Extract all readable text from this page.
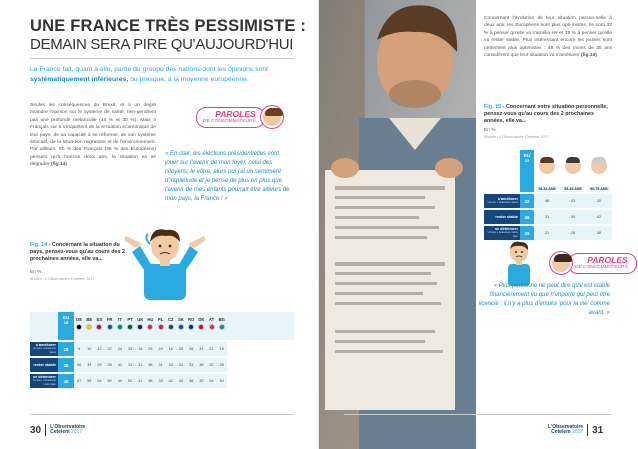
UNE FRANCE TRÈS PESSIMISTE :
DEMAIN SERA PIRE QU'AUJOURD'HUI
La France fait, quant à elle, partie du groupe des nations dont les opinions sont systématiquement inférieures, ou presque, à la moyenne européenne.
Seules les conséquences du Brexit, et à un degré moindre l'opinion sur le système de santé, rien-gendrent pas une profonde mélancolie (44 % et 30 %). Mais 4 Français sur 5 s'inquiètent de la si-tuation économique de leur pays, de sa capacité à se réformer, de son système éducatif, de la situa-tion migratoire et de l'environnement. Par ailleurs, 50 % des Français (45 % des Européens) pensent qu'à horizon deux ans, la situation va se dégrader (fig.14)
PAROLES
DE CONSOMMATEURS
« En clair, les élections présidentielles vont jouer sur l'avenir de mon foyer, celui des citoyens, le vôtre, alors oui j'ai un sentiment d'inquiétude et je pense de plus en plus que l'avenir de mes enfants pourrait être ailleurs de mon pays, la France ! »
Fig. 14 - Concernant la situation du pays, pensez-vous qu'au cours des 2 prochaines années, elle va...
En %
Source : L'Observatoire Cetelem 2017
EU
15
DE	BE	ES	FR	IT	PT	UK HU	PL	CZ	SK RO DK	AT	BG
s'améliorer
Un peu + beaucoup mieux
19	9	10	12	22	24	33	18	28	24	16	25	28	31	21	18
rester stable	35	40	33	29	28	41	31	31	38	31	33	31	33	38	32	28
se détériorer
Un peu + beaucoup moins bien
45	47	55	54	50	40	52	41	38	33	42	45	38	32	54	54
30 L'Observatoire
Cetelem 2017
Concernant l'évolution de leur situation person-nelle à deux ans, les Européens sont plus opti-mistes. Ils sont 32 % à penser qu'elle va s'amélio-rer et 38 % à penser qu'elle va rester stable. Plus intéressant encore les jeunes sont nettement plus optimistes : 48 % des moins de 35 ans considèrent que leur situation va s'améliorer (fig.15)
Fig. 15 - Concernant votre situation personnelle, pensez-vous qu'au cours des 2 prochaines années, elle va...
En %
Source : L'Observatoire Cetelem 2017
EU
15
18-34 ANS	35-49 ANS	50-75 ANS
s'améliorer
Un peu + beaucoup mieux	32	48	33	20
rester stable	38	31	39	42
se détériorer
Un peu + beaucoup moins bien
29	21	28	38
PAROLES
DE CONSOMMATEURS
« Plus personne ne peut dire qu'il est stable financièrement vu que n'importe qui peut être licencié ; il n'y a plus d'emploi 'pour la vie' comme avant. »
L'Observatoire
Cetelem 2017 31
